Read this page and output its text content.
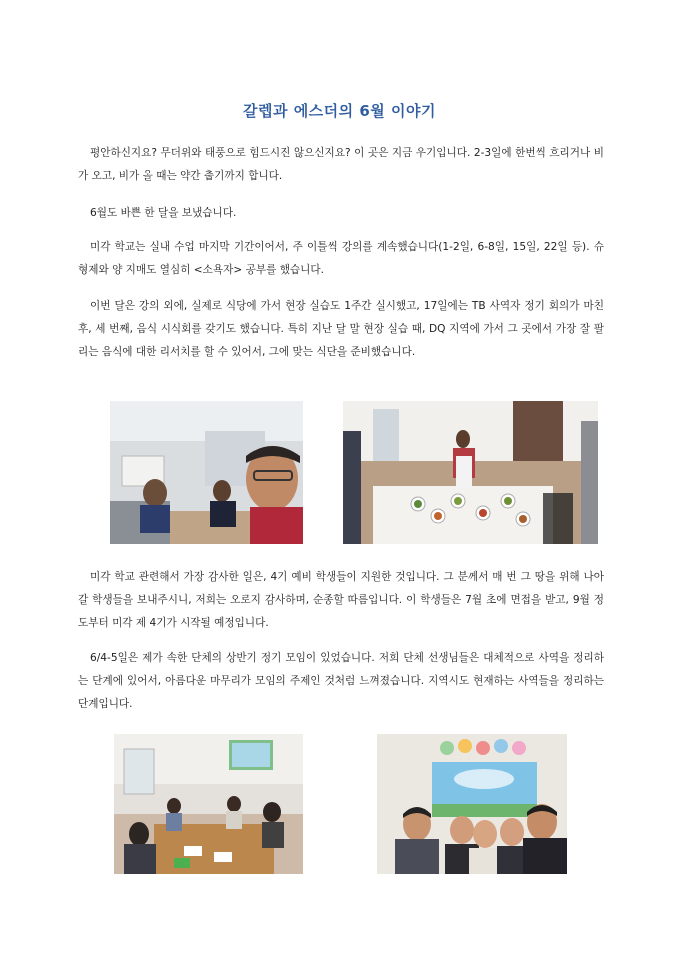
갈렙과 에스더의 6월 이야기

평안하신지요? 무더위와 태풍으로 힘드시진 않으신지요? 이 곳은 지금 우기입니다. 2-3일에 한번씩 흐리거나 비가 오고, 비가 올 때는 약간 춥기까지 합니다.

6월도 바쁜 한 달을 보냈습니다.

미각 학교는 실내 수업 마지막 기간이어서, 주 이틀씩 강의를 계속했습니다(1-2일, 6-8일, 15일, 22일 등). 슈 형제와 양 지매도 열심히 <소욕자> 공부를 했습니다.

이번 달은 강의 외에, 실제로 식당에 가서 현장 실습도 1주간 실시했고, 17일에는 TB 사역자 정기 회의가 마친 후, 세 번째, 음식 시식회를 갖기도 했습니다. 특히 지난 달 말 현장 실습 때, DQ 지역에 가서 그 곳에서 가장 잘 팔리는 음식에 대한 리서치를 할 수 있어서, 그에 맞는 식단을 준비했습니다.

미각 학교 관련해서 가장 감사한 일은, 4기 예비 학생들이 지원한 것입니다. 그 분께서 매 번 그 땅을 위해 나아갈 학생들을 보내주시니, 저희는 오로지 감사하며, 순종할 따름입니다. 이 학생들은 7월 초에 면접을 받고, 9월 정도부터 미각 제 4기가 시작될 예정입니다.

6/4-5일은 제가 속한 단체의 상반기 정기 모임이 있었습니다. 저희 단체 선생님들은 대체적으로 사역을 정리하는 단계에 있어서, 아름다운 마무리가 모임의 주제인 것처럼 느껴졌습니다. 지역시도 현재하는 사역들을 정리하는 단계입니다.
